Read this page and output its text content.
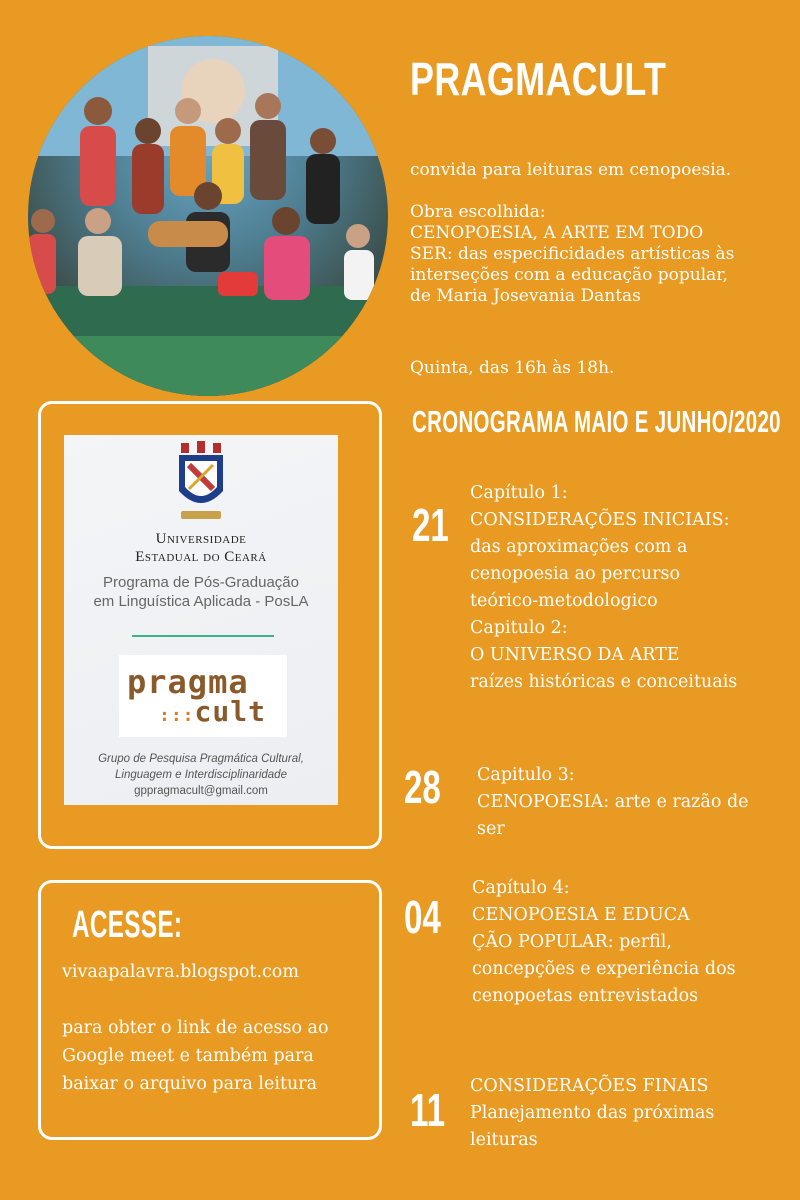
PRAGMACULT

convida para leituras em cenopoesia.

Obra escolhida:
CENOPOESIA, A ARTE EM TODO
SER: das especificidades artísticas às
interseções com a educação popular,
de Maria Josevania Dantas
Quinta, das 16h às 18h.
CRONOGRAMA MAIO E JUNHO/2020
21
Capítulo 1:
CONSIDERAÇÕES INICIAIS:
das aproximações com a
cenopoesia ao percurso
teórico-metodologico
Capitulo 2:
O UNIVERSO DA ARTE
raízes históricas e conceituais
28 Capitulo 3:
CENOPOESIA: arte e razão de
ser
04
Capítulo 4:
CENOPOESIA E EDUCA
ÇÃO POPULAR: perfil,
concepções e experiência dos
cenopoetas entrevistados
11 CONSIDERAÇÕES FINAIS
Planejamento das próximas
leituras
Universidade
Estadual do Ceará
Programa de Pós-Graduação
em Linguística Aplicada - PosLA
pragma
:::cult
Grupo de Pesquisa Pragmática Cultural,
Linguagem e Interdisciplinaridade
gppragmacult@gmail.com
ACESSE:

vivaapalavra.blogspot.com

para obter o link de acesso ao Google meet e também para baixar o arquivo para leitura
